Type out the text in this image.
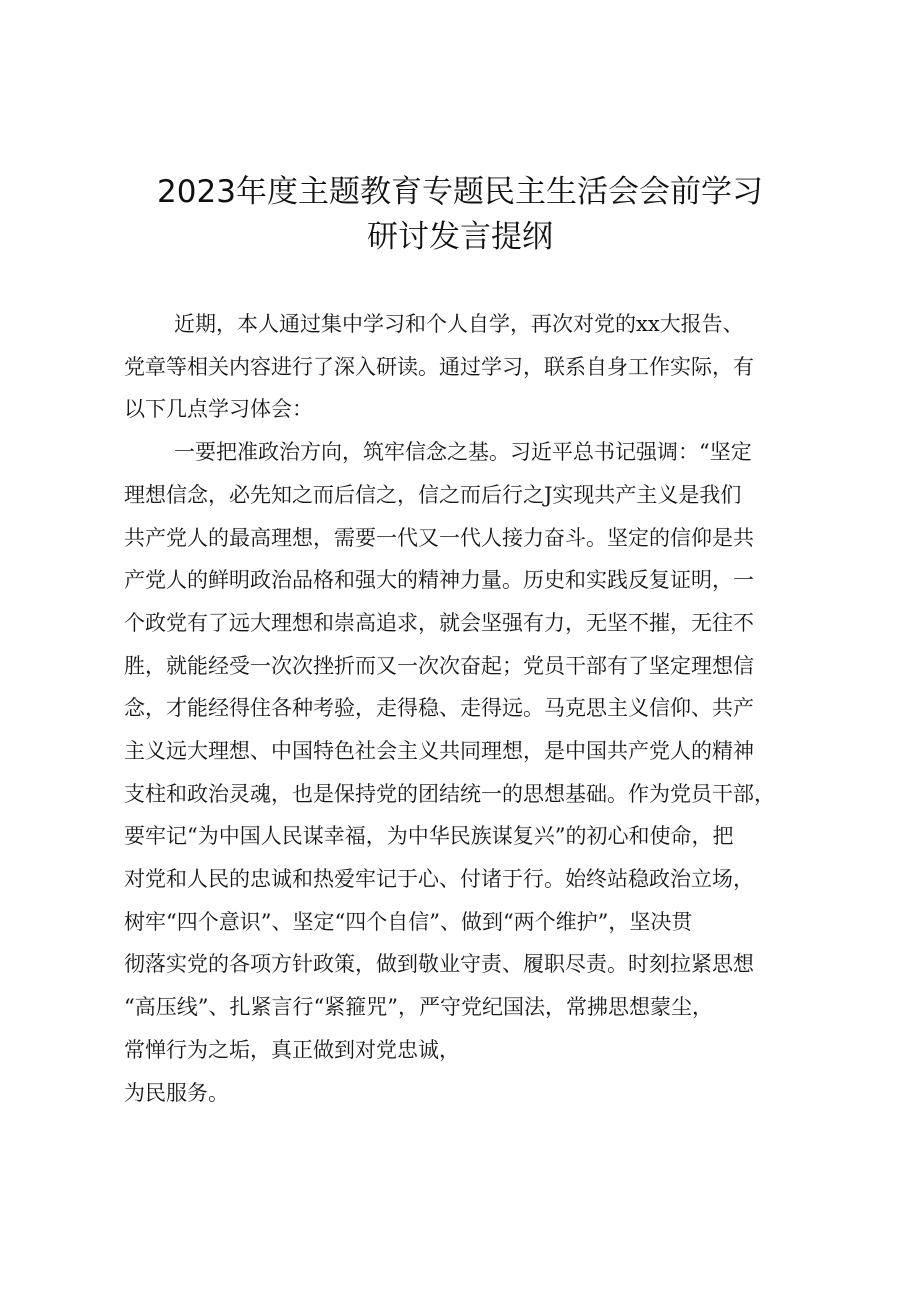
2023年度主题教育专题民主生活会会前学习
研讨发言提纲

近期，本人通过集中学习和个人自学，再次对党的xx大报告、

党章等相关内容进行了深入研读。通过学习，联系自身工作实际，有

以下几点学习体会：

一要把准政治方向，筑牢信念之基。习近平总书记强调：“坚定

理想信念，必先知之而后信之，信之而后行之J实现共产主义是我们

共产党人的最高理想，需要一代又一代人接力奋斗。坚定的信仰是共

产党人的鲜明政治品格和强大的精神力量。历史和实践反复证明，一

个政党有了远大理想和崇高追求，就会坚强有力，无坚不摧，无往不

胜，就能经受一次次挫折而又一次次奋起；党员干部有了坚定理想信

念，才能经得住各种考验，走得稳、走得远。马克思主义信仰、共产

主义远大理想、中国特色社会主义共同理想，是中国共产党人的精神

支柱和政治灵魂，也是保持党的团结统一的思想基础。作为党员干部，

要牢记“为中国人民谋幸福，为中华民族谋复兴”的初心和使命，把

对党和人民的忠诚和热爱牢记于心、付诸于行。始终站稳政治立场，

树牢“四个意识”、坚定“四个自信”、做到“两个维护”，坚决贯

彻落实党的各项方针政策，做到敬业守责、履职尽责。时刻拉紧思想

“高压线”、扎紧言行“紧箍咒”，严守党纪国法，常拂思想蒙尘，

常惮行为之垢，真正做到对党忠诚，

为民服务。
